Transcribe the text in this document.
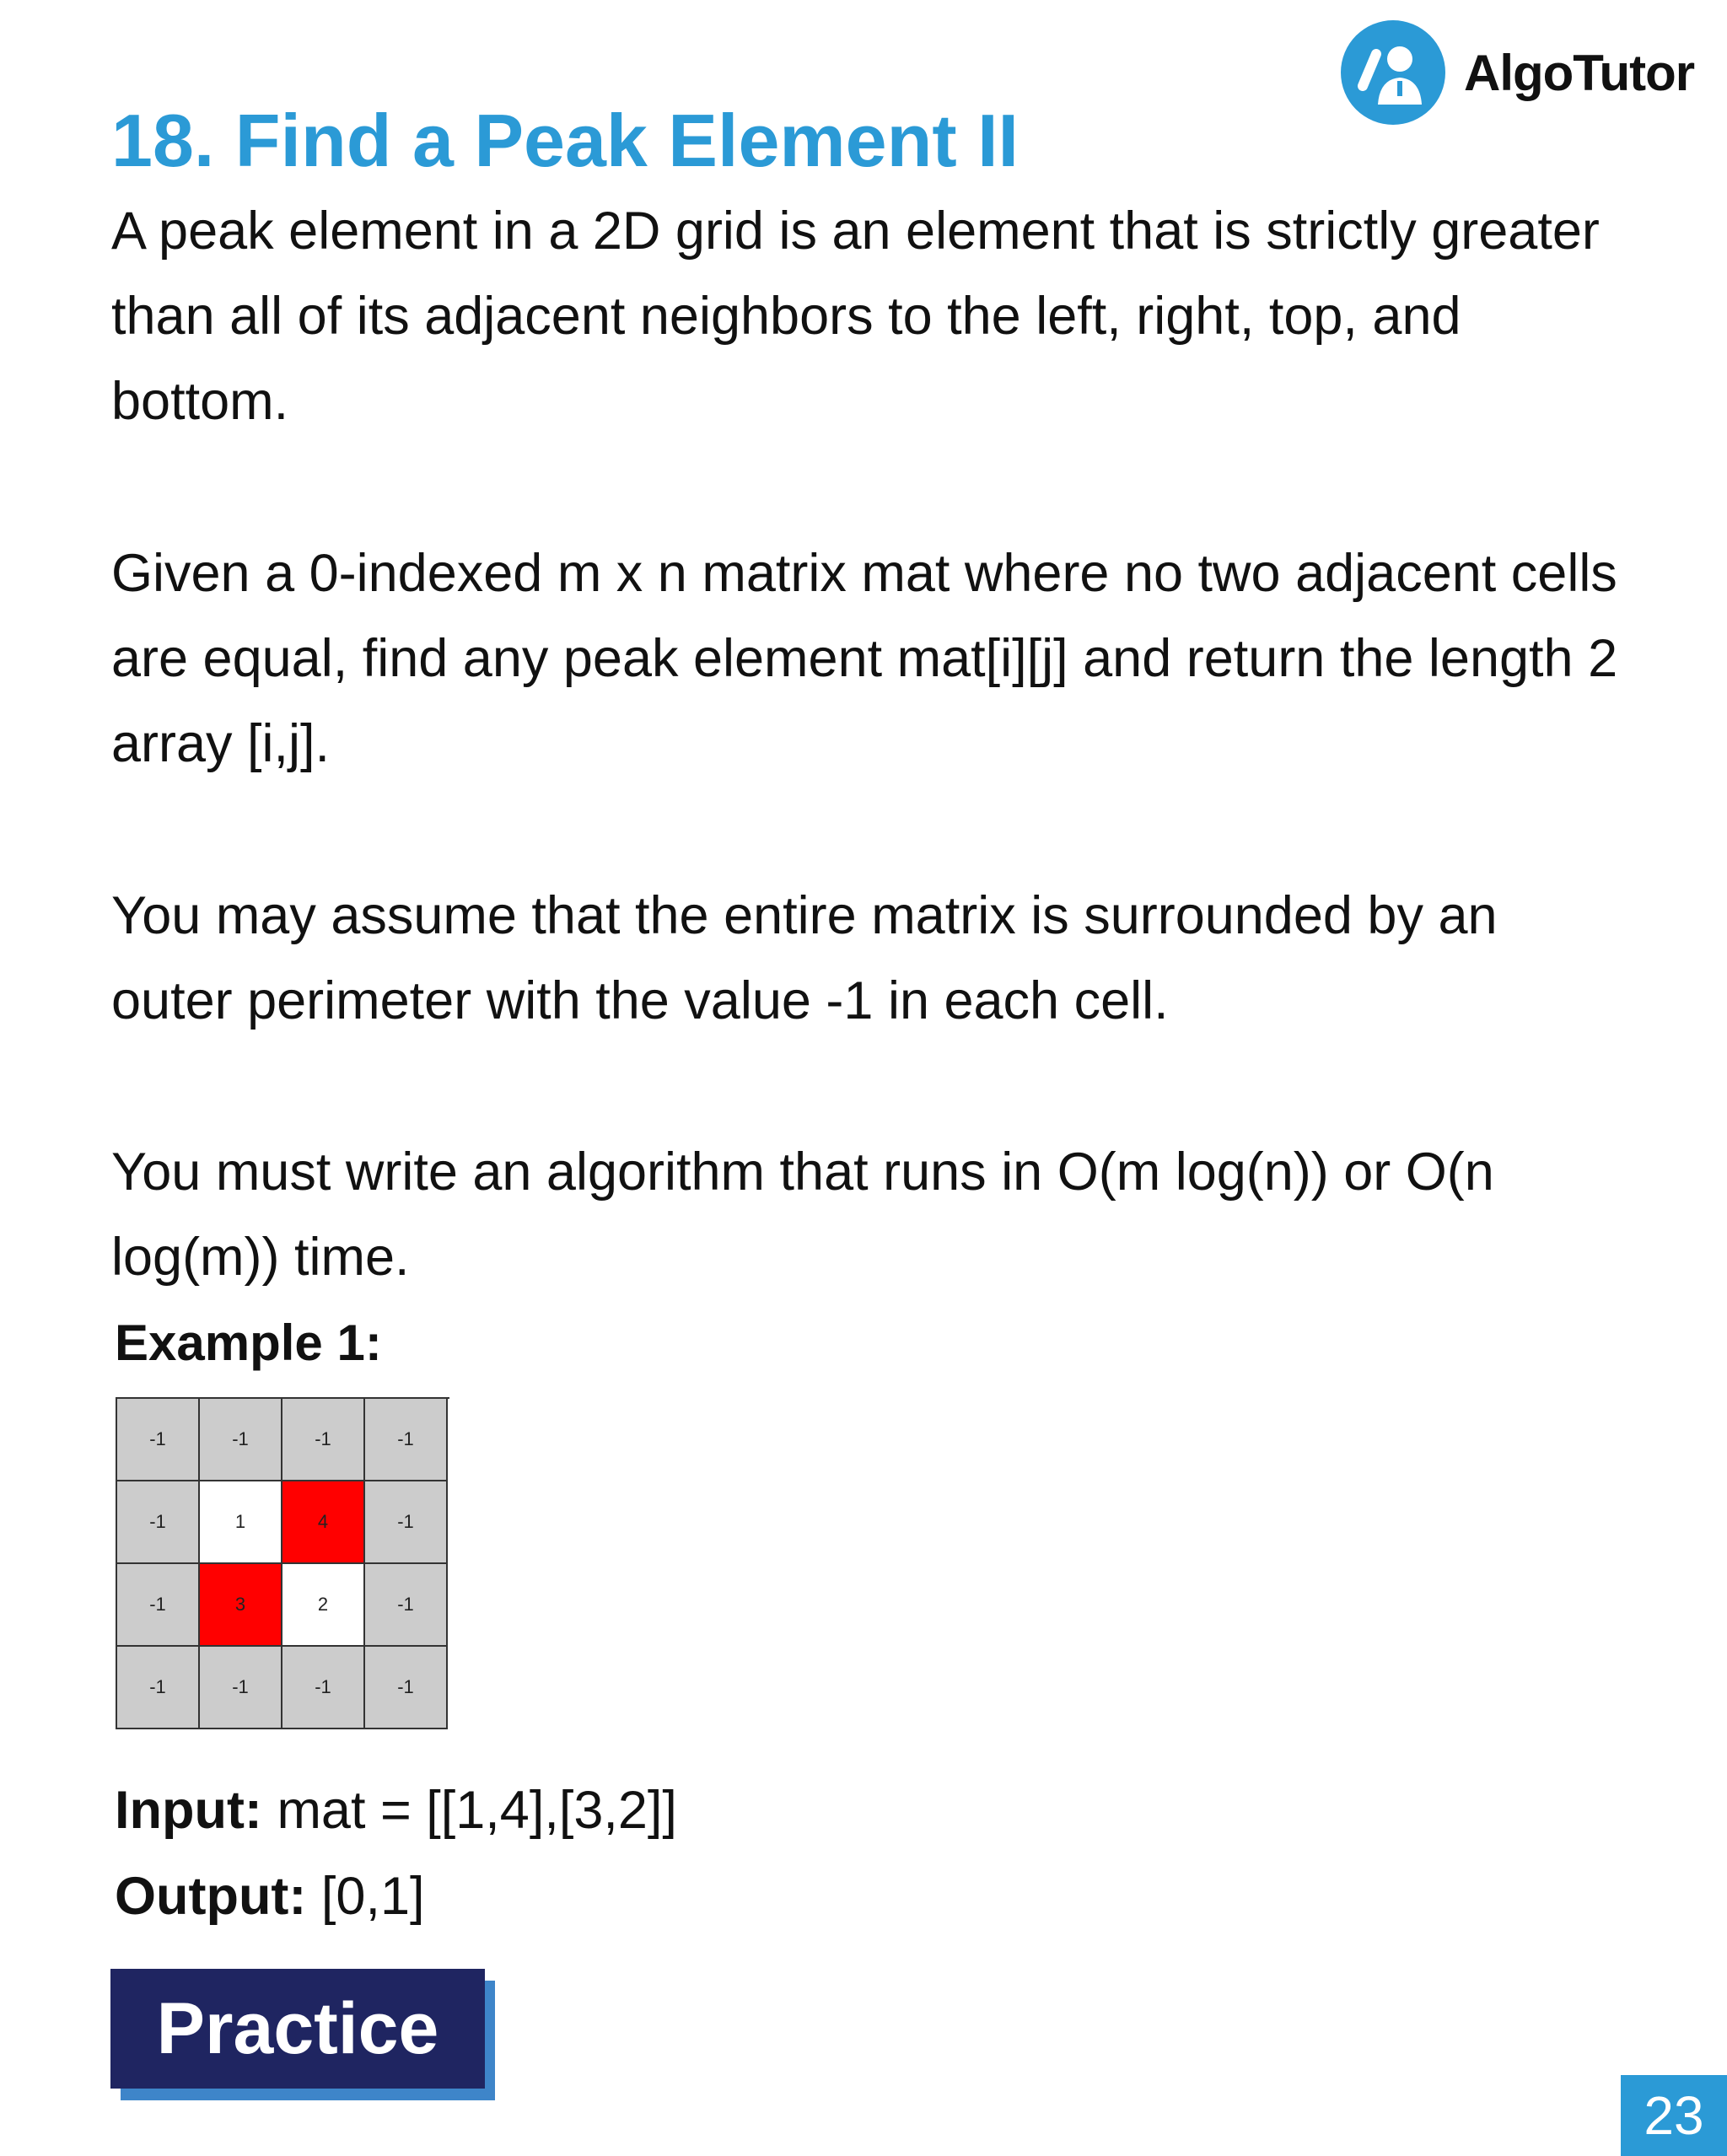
AlgoTutor
18. Find a Peak Element II

A peak element in a 2D grid is an element that is strictly greater than all of its adjacent neighbors to the left, right, top, and bottom.

Given a 0-indexed m x n matrix mat where no two adjacent cells are equal, find any peak element mat[i][j] and return the length 2 array [i,j].

You may assume that the entire matrix is surrounded by an outer perimeter with the value -1 in each cell.

You must write an algorithm that runs in O(m log(n)) or O(n log(m)) time.

Example 1:
-1	-1	-1	-1
-1	1	4	-1
-1	3	2	-1
-1	-1	-1	-1

Input: mat = [[1,4],[3,2]]

Output: [0,1]

Practice
23
